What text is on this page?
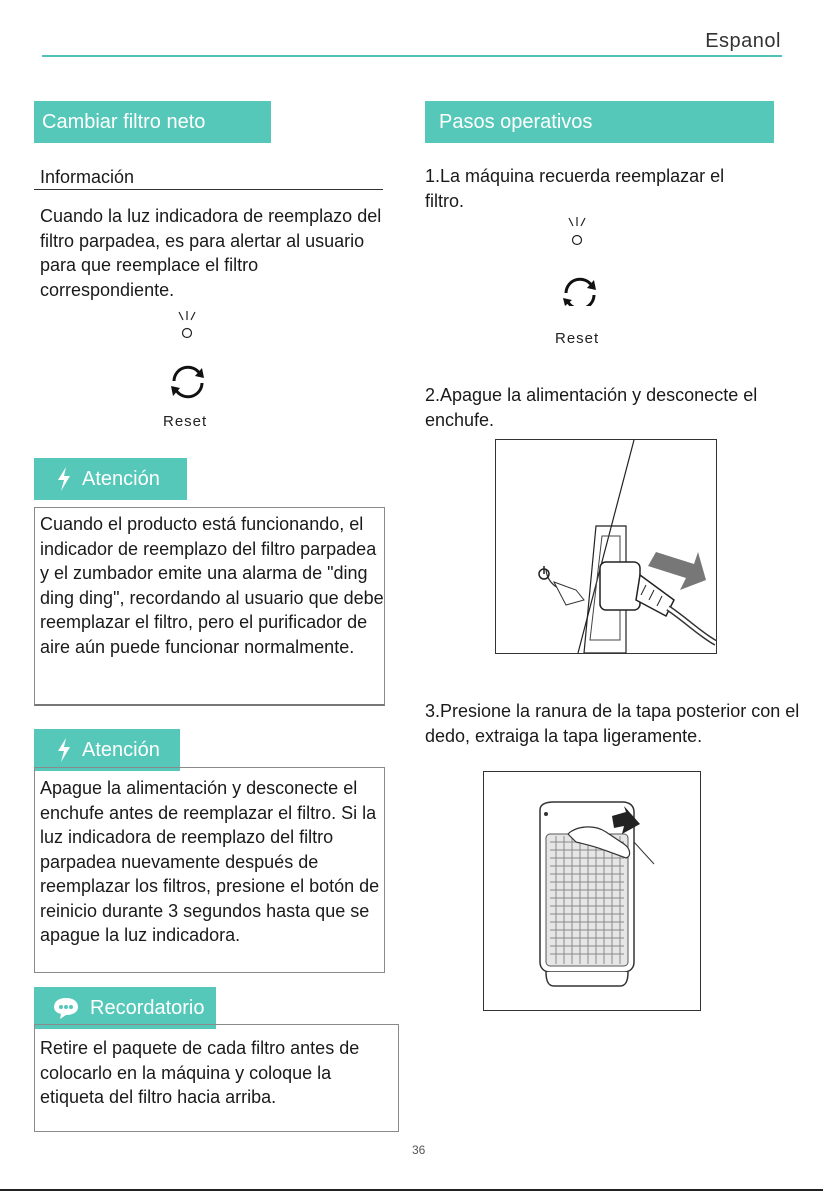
Espanol
Cambiar filtro neto
Información
Cuando la luz indicadora de reemplazo del filtro parpadea, es para alertar al usuario para que reemplace el filtro correspondiente.
Reset
Atención
Cuando el producto está funcionando, el indicador de reemplazo del filtro parpadea y el zumbador emite una alarma de "ding ding ding", recordando al usuario que debe reemplazar el filtro, pero el purificador de aire aún puede funcionar normalmente.
Atención
Apague la alimentación y desconecte el enchufe antes de reemplazar el filtro. Si la luz indicadora de reemplazo del filtro parpadea nuevamente después de reemplazar los filtros, presione el botón de reinicio durante 3 segundos hasta que se apague la luz indicadora.
Recordatorio
Retire el paquete de cada filtro antes de colocarlo en la máquina y coloque la etiqueta del filtro hacia arriba.
Pasos operativos
1.La máquina recuerda reemplazar el filtro.
Reset
2.Apague la alimentación y desconecte el enchufe.
3.Presione la ranura de la tapa posterior con el dedo, extraiga la tapa ligeramente.
36
